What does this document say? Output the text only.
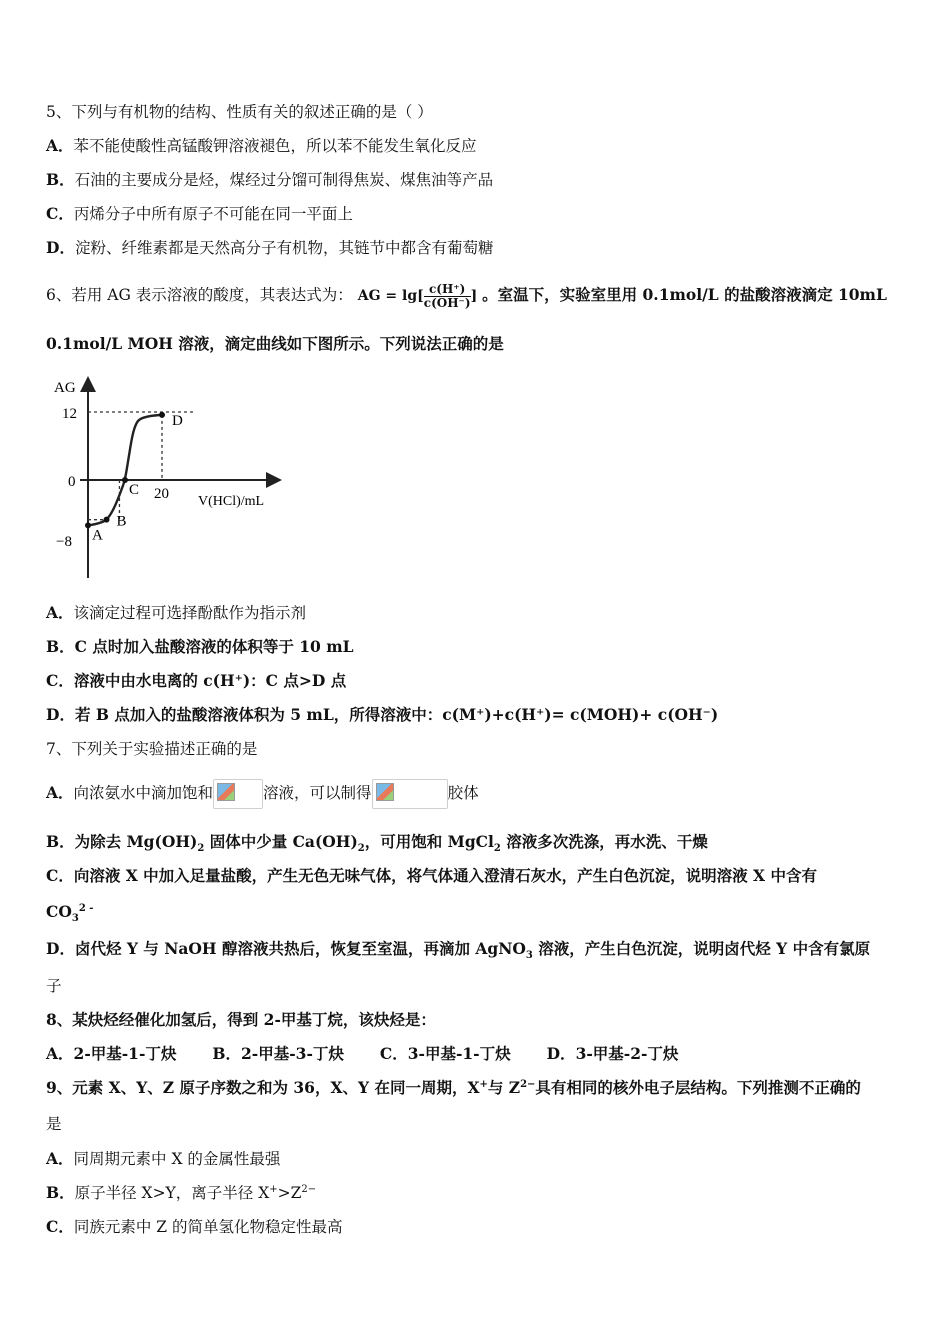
5、下列与有机物的结构、性质有关的叙述正确的是（ ）
A．苯不能使酸性高锰酸钾溶液褪色，所以苯不能发生氧化反应
B．石油的主要成分是烃，煤经过分馏可制得焦炭、煤焦油等产品
C．丙烯分子中所有原子不可能在同一平面上
D．淀粉、纤维素都是天然高分子有机物，其链节中都含有葡萄糖
6、若用 AG 表示溶液的酸度，其表达式为： AG = $\lg[ \frac{c(H^+)}{c(OH^-)}$ ] 。室温下，实验室里用 0.1mol/L 的盐酸溶液滴定 10mL
0.1mol/L MOH 溶液，滴定曲线如下图所示。下列说法正确的是
AG
V(HCl)/mL
12
0
−8
20
A
B
C
D
A．该滴定过程可选择酚酞作为指示剂
B．C 点时加入盐酸溶液的体积等于 10 mL
C．溶液中由水电离的 c(H⁺)：C 点>D 点
D．若 B 点加入的盐酸溶液体积为 5 mL，所得溶液中：c(M⁺)+c(H⁺)= c(MOH)+ c(OH⁻)
7、下列关于实验描述正确的是
A．向浓氨水中滴加饱和	溶液，可以制得	胶体
B．为除去 $Mg(OH)_2$ 固体中少量 $Ca(OH)_2$，可用饱和 MgCl$_2$ 溶液多次洗涤，再水洗、干燥
C．向溶液 X 中加入足量盐酸，产生无色无味气体，将气体通入澄清石灰水，产生白色沉淀，说明溶液 X 中含有
$CO_3^{2 -}$
D．卤代烃 Y 与 NaOH 醇溶液共热后，恢复至室温，再滴加 AgNO$_3$ 溶液，产生白色沉淀，说明卤代烃 Y 中含有氯原
子
8、某炔烃经催化加氢后，得到 2-甲基丁烷，该炔烃是：
A．2-甲基-1-丁炔 B．2-甲基-3-丁炔 C．3-甲基-1-丁炔 D．3-甲基-2-丁炔
9、元素 X、Y、Z 原子序数之和为 36，X、Y 在同一周期，X+与 $Z^{2-}$具有相同的核外电子层结构。下列推测不正确的
是
A．同周期元素中 X 的金属性最强
B．原子半径 X>Y，离子半径 $X^+>Z^{2-}$
C．同族元素中 Z 的简单氢化物稳定性最高
